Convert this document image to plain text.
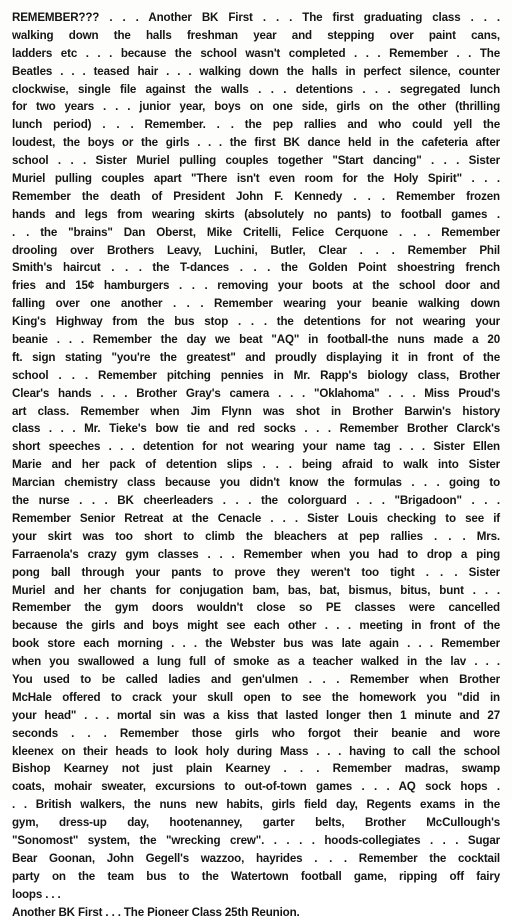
REMEMBER??? . . . Another BK First . . . The first graduating class . . .
walking down the halls freshman year and stepping over paint cans,
ladders etc . . . because the school wasn't completed . . . Remember . . The
Beatles . . . teased hair . . . walking down the halls in perfect silence, counter
clockwise, single file against the walls . . . detentions . . . segregated lunch
for two years . . . junior year, boys on one side, girls on the other (thrilling
lunch period) . . . Remember. . . the pep rallies and who could yell the
loudest, the boys or the girls . . . the first BK dance held in the cafeteria after
school . . . Sister Muriel pulling couples together "Start dancing" . . . Sister
Muriel pulling couples apart "There isn't even room for the Holy Spirit" . . .
Remember the death of President John F. Kennedy . . . Remember frozen
hands and legs from wearing skirts (absolutely no pants) to football games .
. . the "brains" Dan Oberst, Mike Critelli, Felice Cerquone . . . Remember
drooling over Brothers Leavy, Luchini, Butler, Clear . . . Remember Phil
Smith's haircut . . . the T-dances . . . the Golden Point shoestring french
fries and 15¢ hamburgers . . . removing your boots at the school door and
falling over one another . . . Remember wearing your beanie walking down
King's Highway from the bus stop . . . the detentions for not wearing your
beanie . . . Remember the day we beat "AQ" in football-the nuns made a 20
ft. sign stating "you're the greatest" and proudly displaying it in front of the
school . . . Remember pitching pennies in Mr. Rapp's biology class, Brother
Clear's hands . . . Brother Gray's camera . . . "Oklahoma" . . . Miss Proud's
art class. Remember when Jim Flynn was shot in Brother Barwin's history
class . . . Mr. Tieke's bow tie and red socks . . . Remember Brother Clarck's
short speeches . . . detention for not wearing your name tag . . . Sister Ellen
Marie and her pack of detention slips . . . being afraid to walk into Sister
Marcian chemistry class because you didn't know the formulas . . . going to
the nurse . . . BK cheerleaders . . . the colorguard . . . "Brigadoon" . . .
Remember Senior Retreat at the Cenacle . . . Sister Louis checking to see if
your skirt was too short to climb the bleachers at pep rallies . . . Mrs.
Farraenola's crazy gym classes . . . Remember when you had to drop a ping
pong ball through your pants to prove they weren't too tight . . . Sister
Muriel and her chants for conjugation bam, bas, bat, bismus, bitus, bunt . . .
Remember the gym doors wouldn't close so PE classes were cancelled
because the girls and boys might see each other . . . meeting in front of the
book store each morning . . . the Webster bus was late again . . . Remember
when you swallowed a lung full of smoke as a teacher walked in the lav . . .
You used to be called ladies and gen'ulmen . . . Remember when Brother
McHale offered to crack your skull open to see the homework you "did in
your head" . . . mortal sin was a kiss that lasted longer then 1 minute and 27
seconds . . . Remember those girls who forgot their beanie and wore
kleenex on their heads to look holy during Mass . . . having to call the school
Bishop Kearney not just plain Kearney . . . Remember madras, swamp
coats, mohair sweater, excursions to out-of-town games . . . AQ sock hops .
. . British walkers, the nuns new habits, girls field day, Regents exams in the
gym, dress-up day, hootenanney, garter belts, Brother McCullough's
"Sonomost" system, the "wrecking crew". . . . . hoods-collegiates . . . Sugar
Bear Goonan, John Gegell's wazzoo, hayrides . . . Remember the cocktail
party on the team bus to the Watertown football game, ripping off fairy
loops . . .
Another BK First . . . The Pioneer Class 25th Reunion.
